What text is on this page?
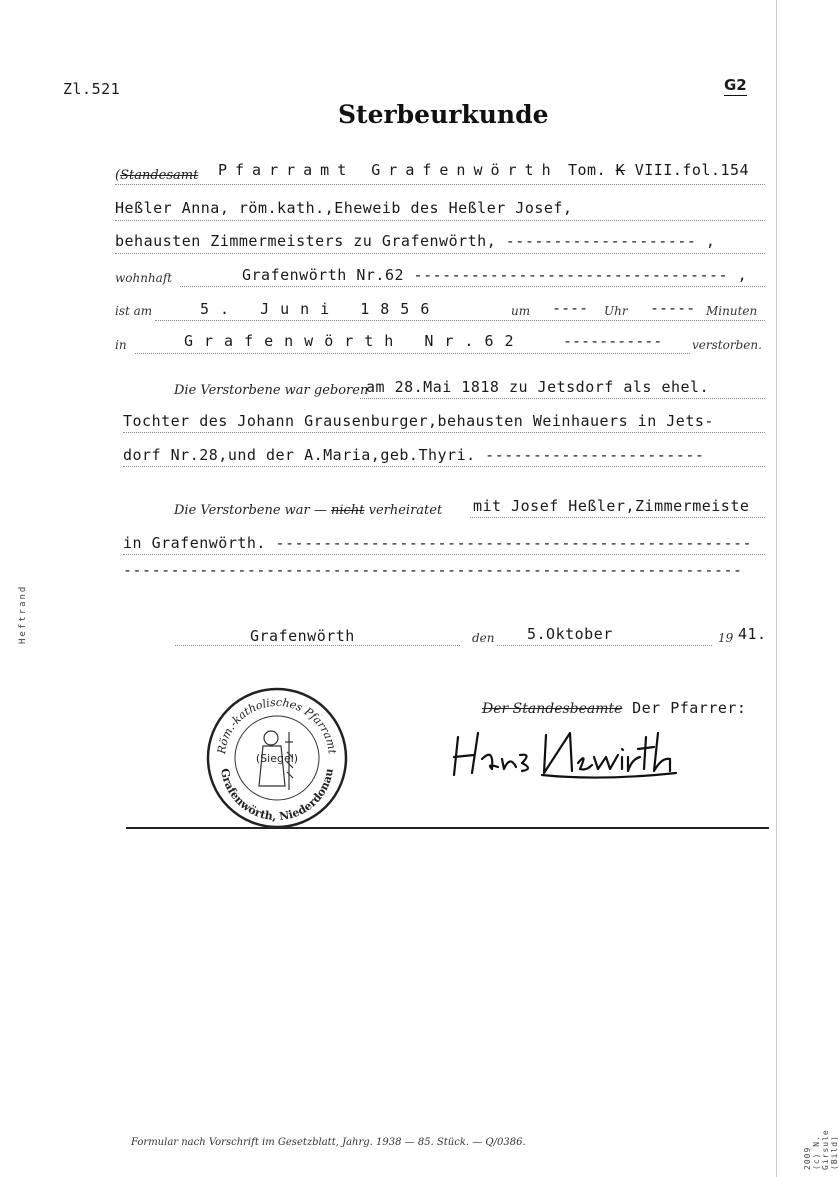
Zl.521	G2
Sterbeurkunde
(Standesamt Pfarramt Grafenwörth Tom. K VIII.fol.154
Heßler Anna, röm.kath.,Eheweib des Heßler Josef,
behausten Zimmermeisters zu Grafenwörth, -------------------- ,
wohnhaft	Grafenwörth Nr.62 --------------------------------- ,
ist am	5. Juni 1856	um ---- Uhr ----- Minuten
in	Grafenwörth Nr.62	----------- verstorben.
Die Verstorbene war geboren
am 28.Mai 1818 zu Jetsdorf als ehel.
Tochter des Johann Grausenburger,behausten Weinhauers in Jets-
dorf Nr.28,und der A.Maria,geb.Thyri. -----------------------
Die Verstorbene war — nicht verheiratet mit Josef Heßler,Zimmermeiste
in Grafenwörth. --------------------------------------------------
-----------------------------------------------------------------
Grafenwörth	den 5.Oktober	19 41.
Röm.-katholisches Pfarramt
Grafenwörth, Niederdonau
(Siegel)
Der Standesbeamte Der Pfarrer:
Formular nach Vorschrift im Gesetzblatt, Jahrg. 1938 — 85. Stück. — Q/0386.
Heftrand
2009 (c) N. Girsule (Bild)
